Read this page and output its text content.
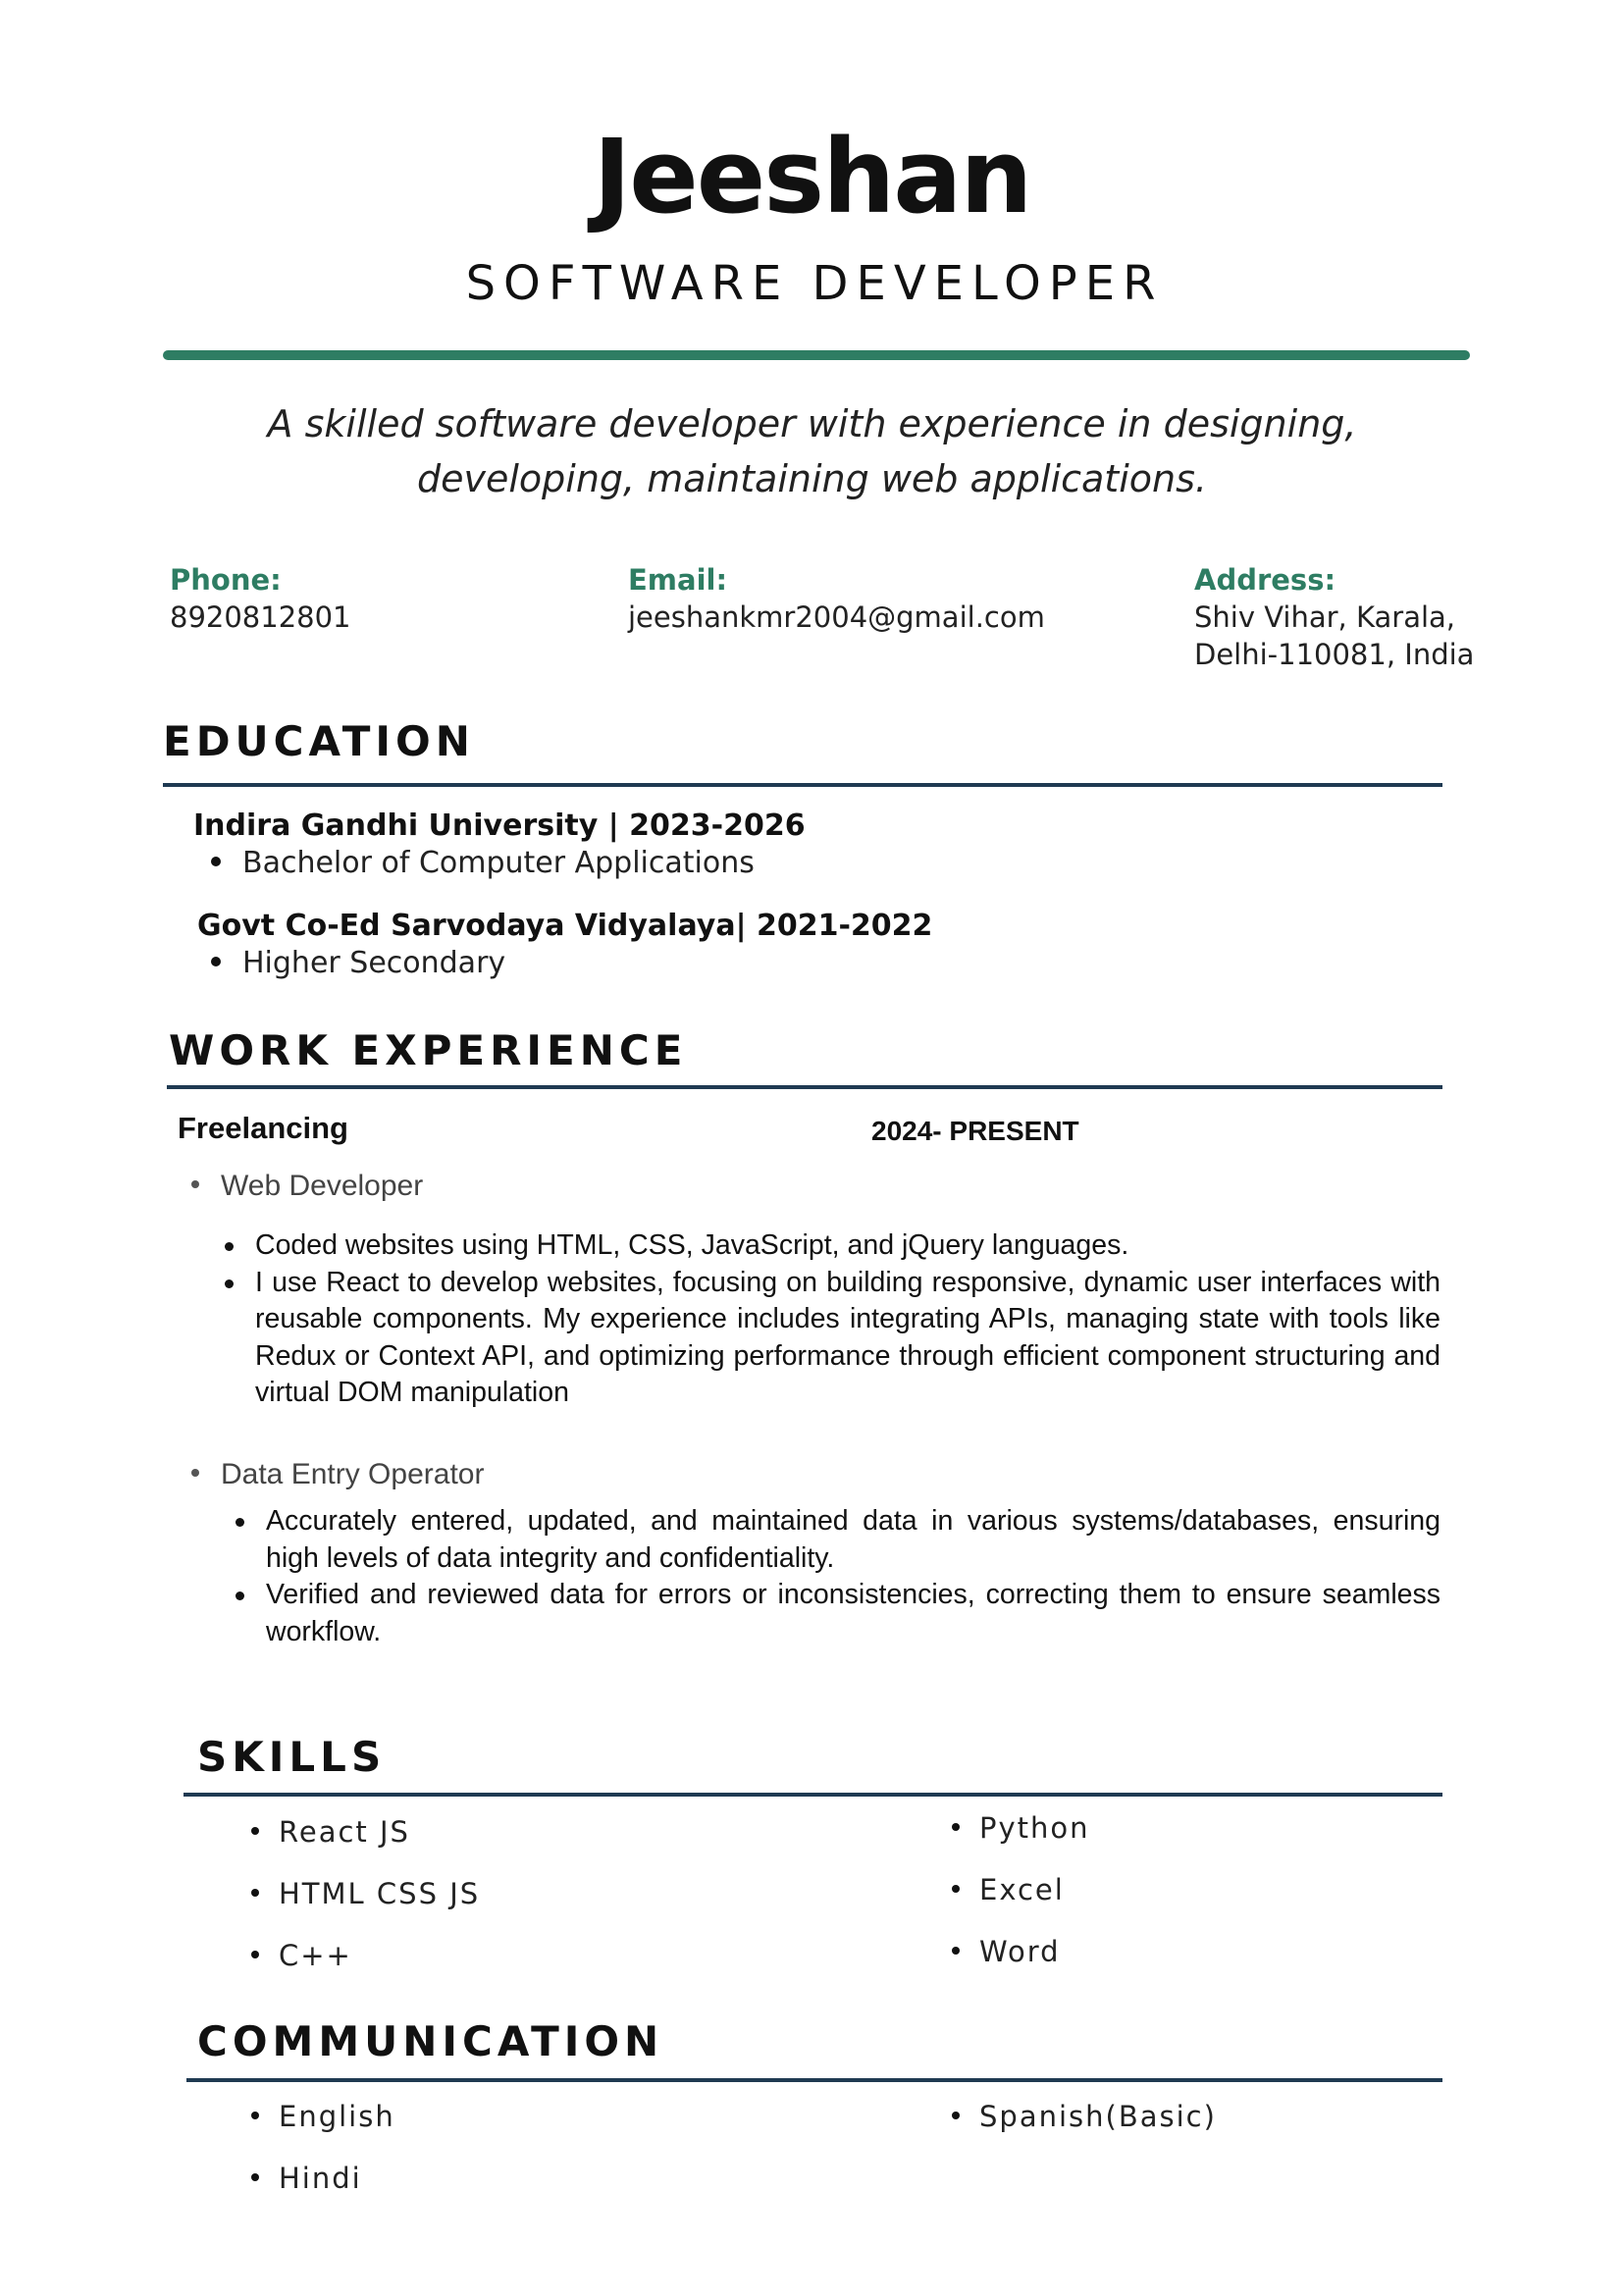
Jeeshan
SOFTWARE DEVELOPER
A skilled software developer with experience in designing,
developing, maintaining web applications.
Phone:
8920812801
Email:
jeeshankmr2004@gmail.com
Address:
Shiv Vihar, Karala,
Delhi-110081, India
EDUCATION
Indira Gandhi University | 2023-2026
Bachelor of Computer Applications
Govt Co-Ed Sarvodaya Vidyalaya| 2021-2022
Higher Secondary
WORK EXPERIENCE
Freelancing	2024- PRESENT
Web Developer
Coded websites using HTML, CSS, JavaScript, and jQuery languages.
I use React to develop websites, focusing on building responsive, dynamic user interfaces with reusable components. My experience includes integrating APIs, managing state with tools like Redux or Context API, and optimizing performance through efficient component structuring and virtual DOM manipulation
Data Entry Operator
Accurately entered, updated, and maintained data in various systems/databases, ensuring high levels of data integrity and confidentiality.
Verified and reviewed data for errors or inconsistencies, correcting them to ensure seamless workflow.
SKILLS
React JS
HTML CSS JS
C++
Python
Excel
Word
COMMUNICATION
English
Hindi
Spanish(Basic)
